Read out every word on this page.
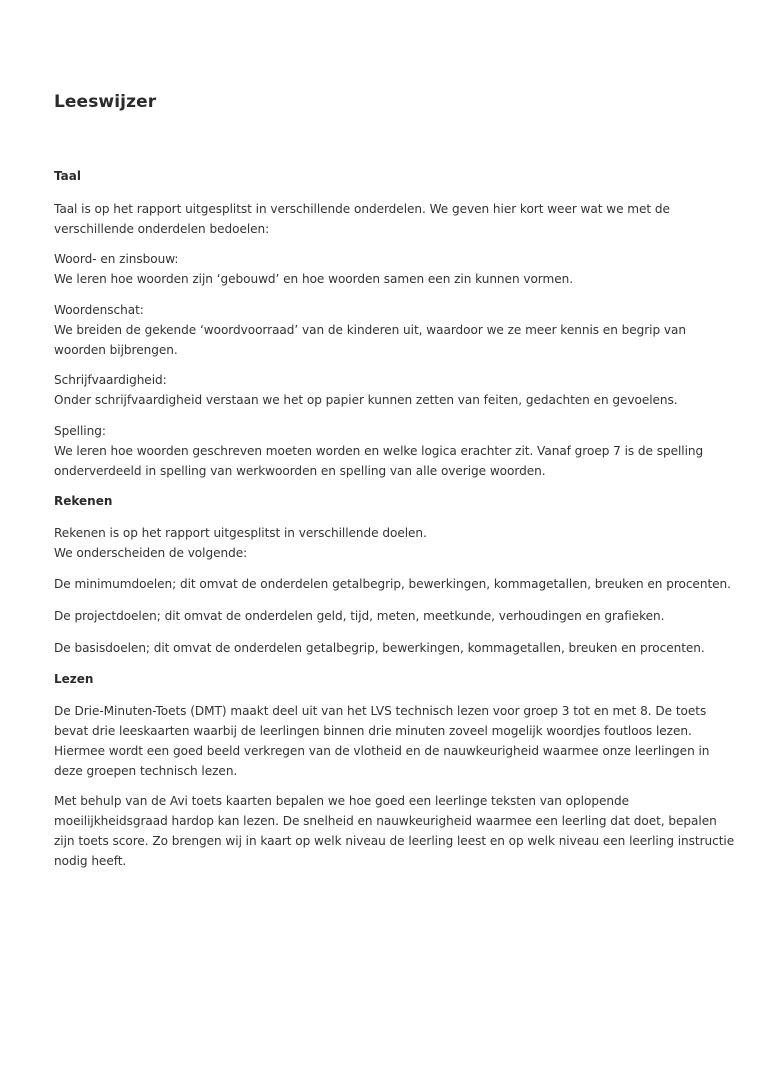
Leeswijzer
Taal

Taal is op het rapport uitgesplitst in verschillende onderdelen. We geven hier kort weer wat we met de
verschillende onderdelen bedoelen:

Woord- en zinsbouw:
We leren hoe woorden zijn ‘gebouwd’ en hoe woorden samen een zin kunnen vormen.

Woordenschat:
We breiden de gekende ‘woordvoorraad’ van de kinderen uit, waardoor we ze meer kennis en begrip van
woorden bijbrengen.

Schrijfvaardigheid:
Onder schrijfvaardigheid verstaan we het op papier kunnen zetten van feiten, gedachten en gevoelens.

Spelling:
We leren hoe woorden geschreven moeten worden en welke logica erachter zit. Vanaf groep 7 is de spelling
onderverdeeld in spelling van werkwoorden en spelling van alle overige woorden.

Rekenen

Rekenen is op het rapport uitgesplitst in verschillende doelen.
We onderscheiden de volgende:

De minimumdoelen; dit omvat de onderdelen getalbegrip, bewerkingen, kommagetallen, breuken en procenten.

De projectdoelen; dit omvat de onderdelen geld, tijd, meten, meetkunde, verhoudingen en grafieken.

De basisdoelen; dit omvat de onderdelen getalbegrip, bewerkingen, kommagetallen, breuken en procenten.

Lezen

De Drie-Minuten-Toets (DMT) maakt deel uit van het LVS technisch lezen voor groep 3 tot en met 8. De toets
bevat drie leeskaarten waarbij de leerlingen binnen drie minuten zoveel mogelijk woordjes foutloos lezen.
Hiermee wordt een goed beeld verkregen van de vlotheid en de nauwkeurigheid waarmee onze leerlingen in
deze groepen technisch lezen.

Met behulp van de Avi toets kaarten bepalen we hoe goed een leerlinge teksten van oplopende
moeilijkheidsgraad hardop kan lezen. De snelheid en nauwkeurigheid waarmee een leerling dat doet, bepalen
zijn toets score. Zo brengen wij in kaart op welk niveau de leerling leest en op welk niveau een leerling instructie
nodig heeft.
